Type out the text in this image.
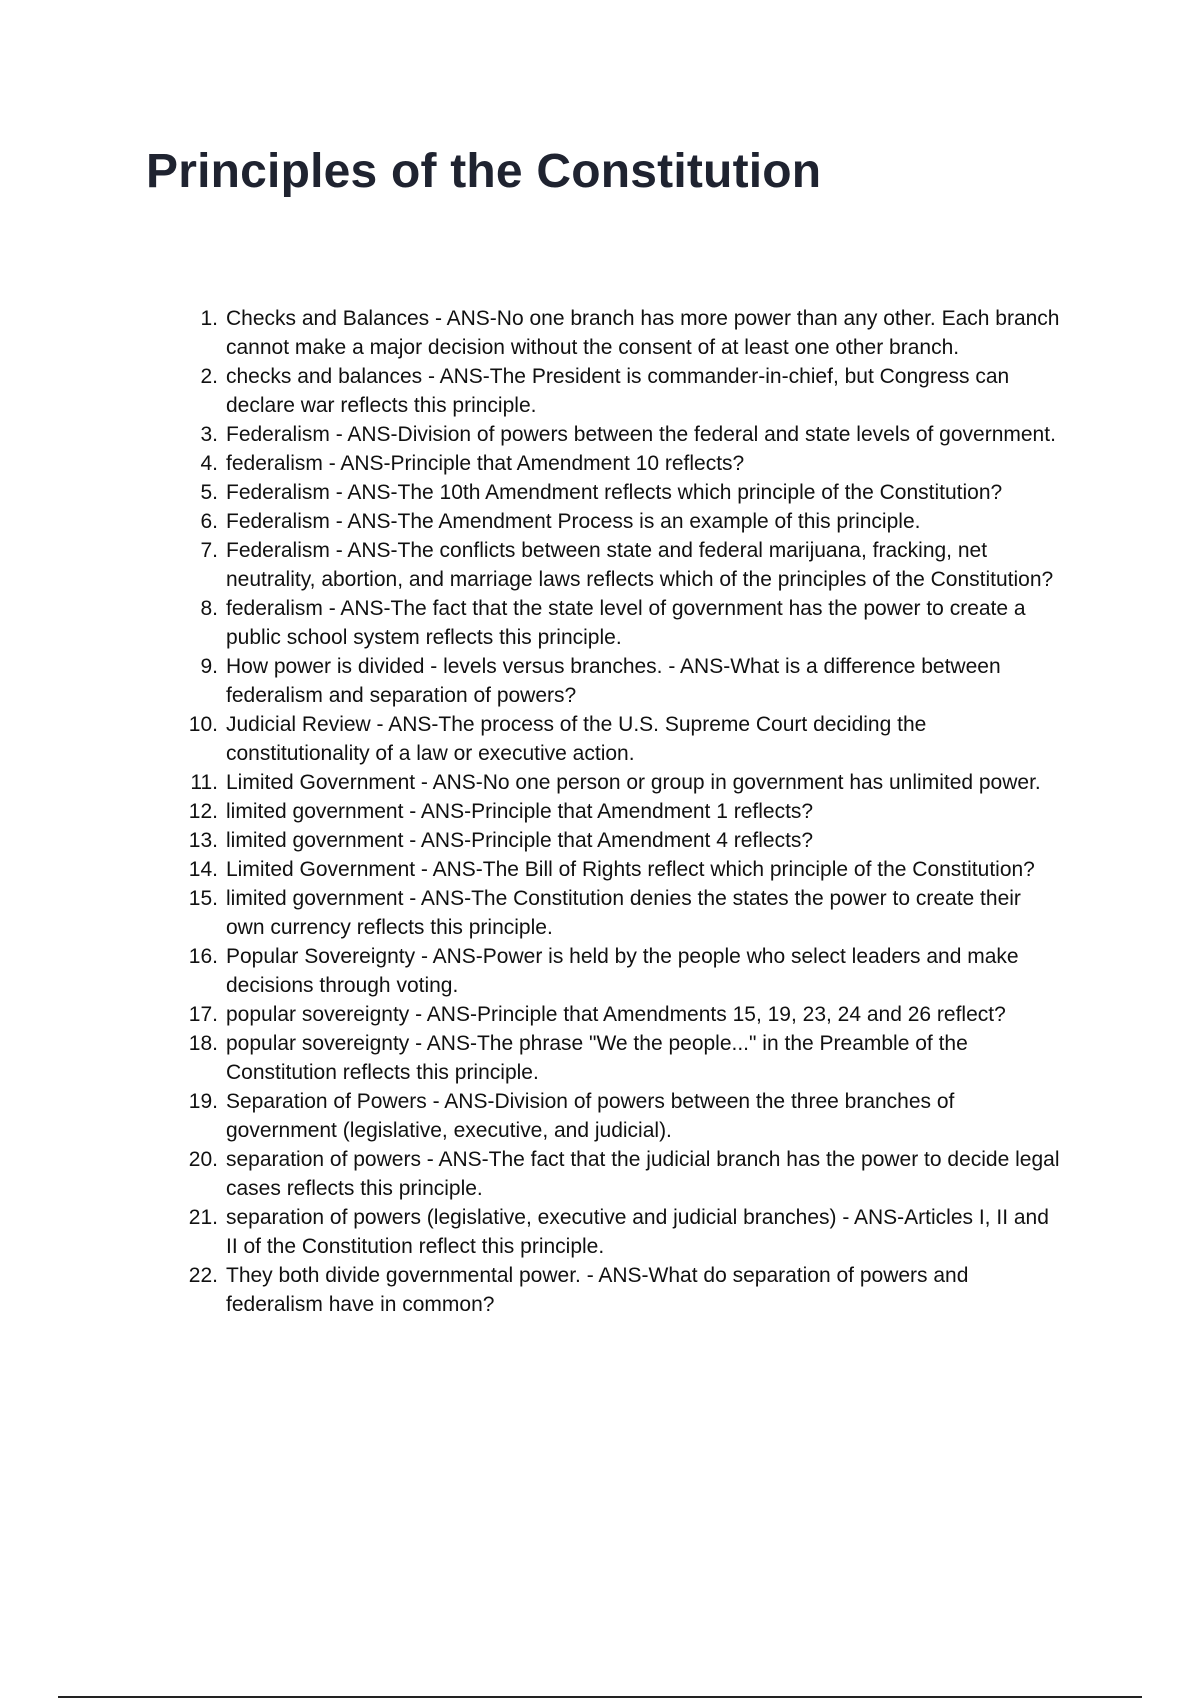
Principles of the Constitution
1. Checks and Balances - ANS-No one branch has more power than any other. Each branch cannot make a major decision without the consent of at least one other branch.
2. checks and balances - ANS-The President is commander-in-chief, but Congress can declare war reflects this principle.
3. Federalism - ANS-Division of powers between the federal and state levels of government.
4. federalism - ANS-Principle that Amendment 10 reflects?
5. Federalism - ANS-The 10th Amendment reflects which principle of the Constitution?
6. Federalism - ANS-The Amendment Process is an example of this principle.
7. Federalism - ANS-The conflicts between state and federal marijuana, fracking, net neutrality, abortion, and marriage laws reflects which of the principles of the Constitution?
8. federalism - ANS-The fact that the state level of government has the power to create a public school system reflects this principle.
9. How power is divided - levels versus branches. - ANS-What is a difference between federalism and separation of powers?
10. Judicial Review - ANS-The process of the U.S. Supreme Court deciding the constitutionality of a law or executive action.
11. Limited Government - ANS-No one person or group in government has unlimited power.
12. limited government - ANS-Principle that Amendment 1 reflects?
13. limited government - ANS-Principle that Amendment 4 reflects?
14. Limited Government - ANS-The Bill of Rights reflect which principle of the Constitution?
15. limited government - ANS-The Constitution denies the states the power to create their own currency reflects this principle.
16. Popular Sovereignty - ANS-Power is held by the people who select leaders and make decisions through voting.
17. popular sovereignty - ANS-Principle that Amendments 15, 19, 23, 24 and 26 reflect?
18. popular sovereignty - ANS-The phrase "We the people..." in the Preamble of the Constitution reflects this principle.
19. Separation of Powers - ANS-Division of powers between the three branches of government (legislative, executive, and judicial).
20. separation of powers - ANS-The fact that the judicial branch has the power to decide legal cases reflects this principle.
21. separation of powers (legislative, executive and judicial branches) - ANS-Articles I, II and II of the Constitution reflect this principle.
22. They both divide governmental power. - ANS-What do separation of powers and federalism have in common?
